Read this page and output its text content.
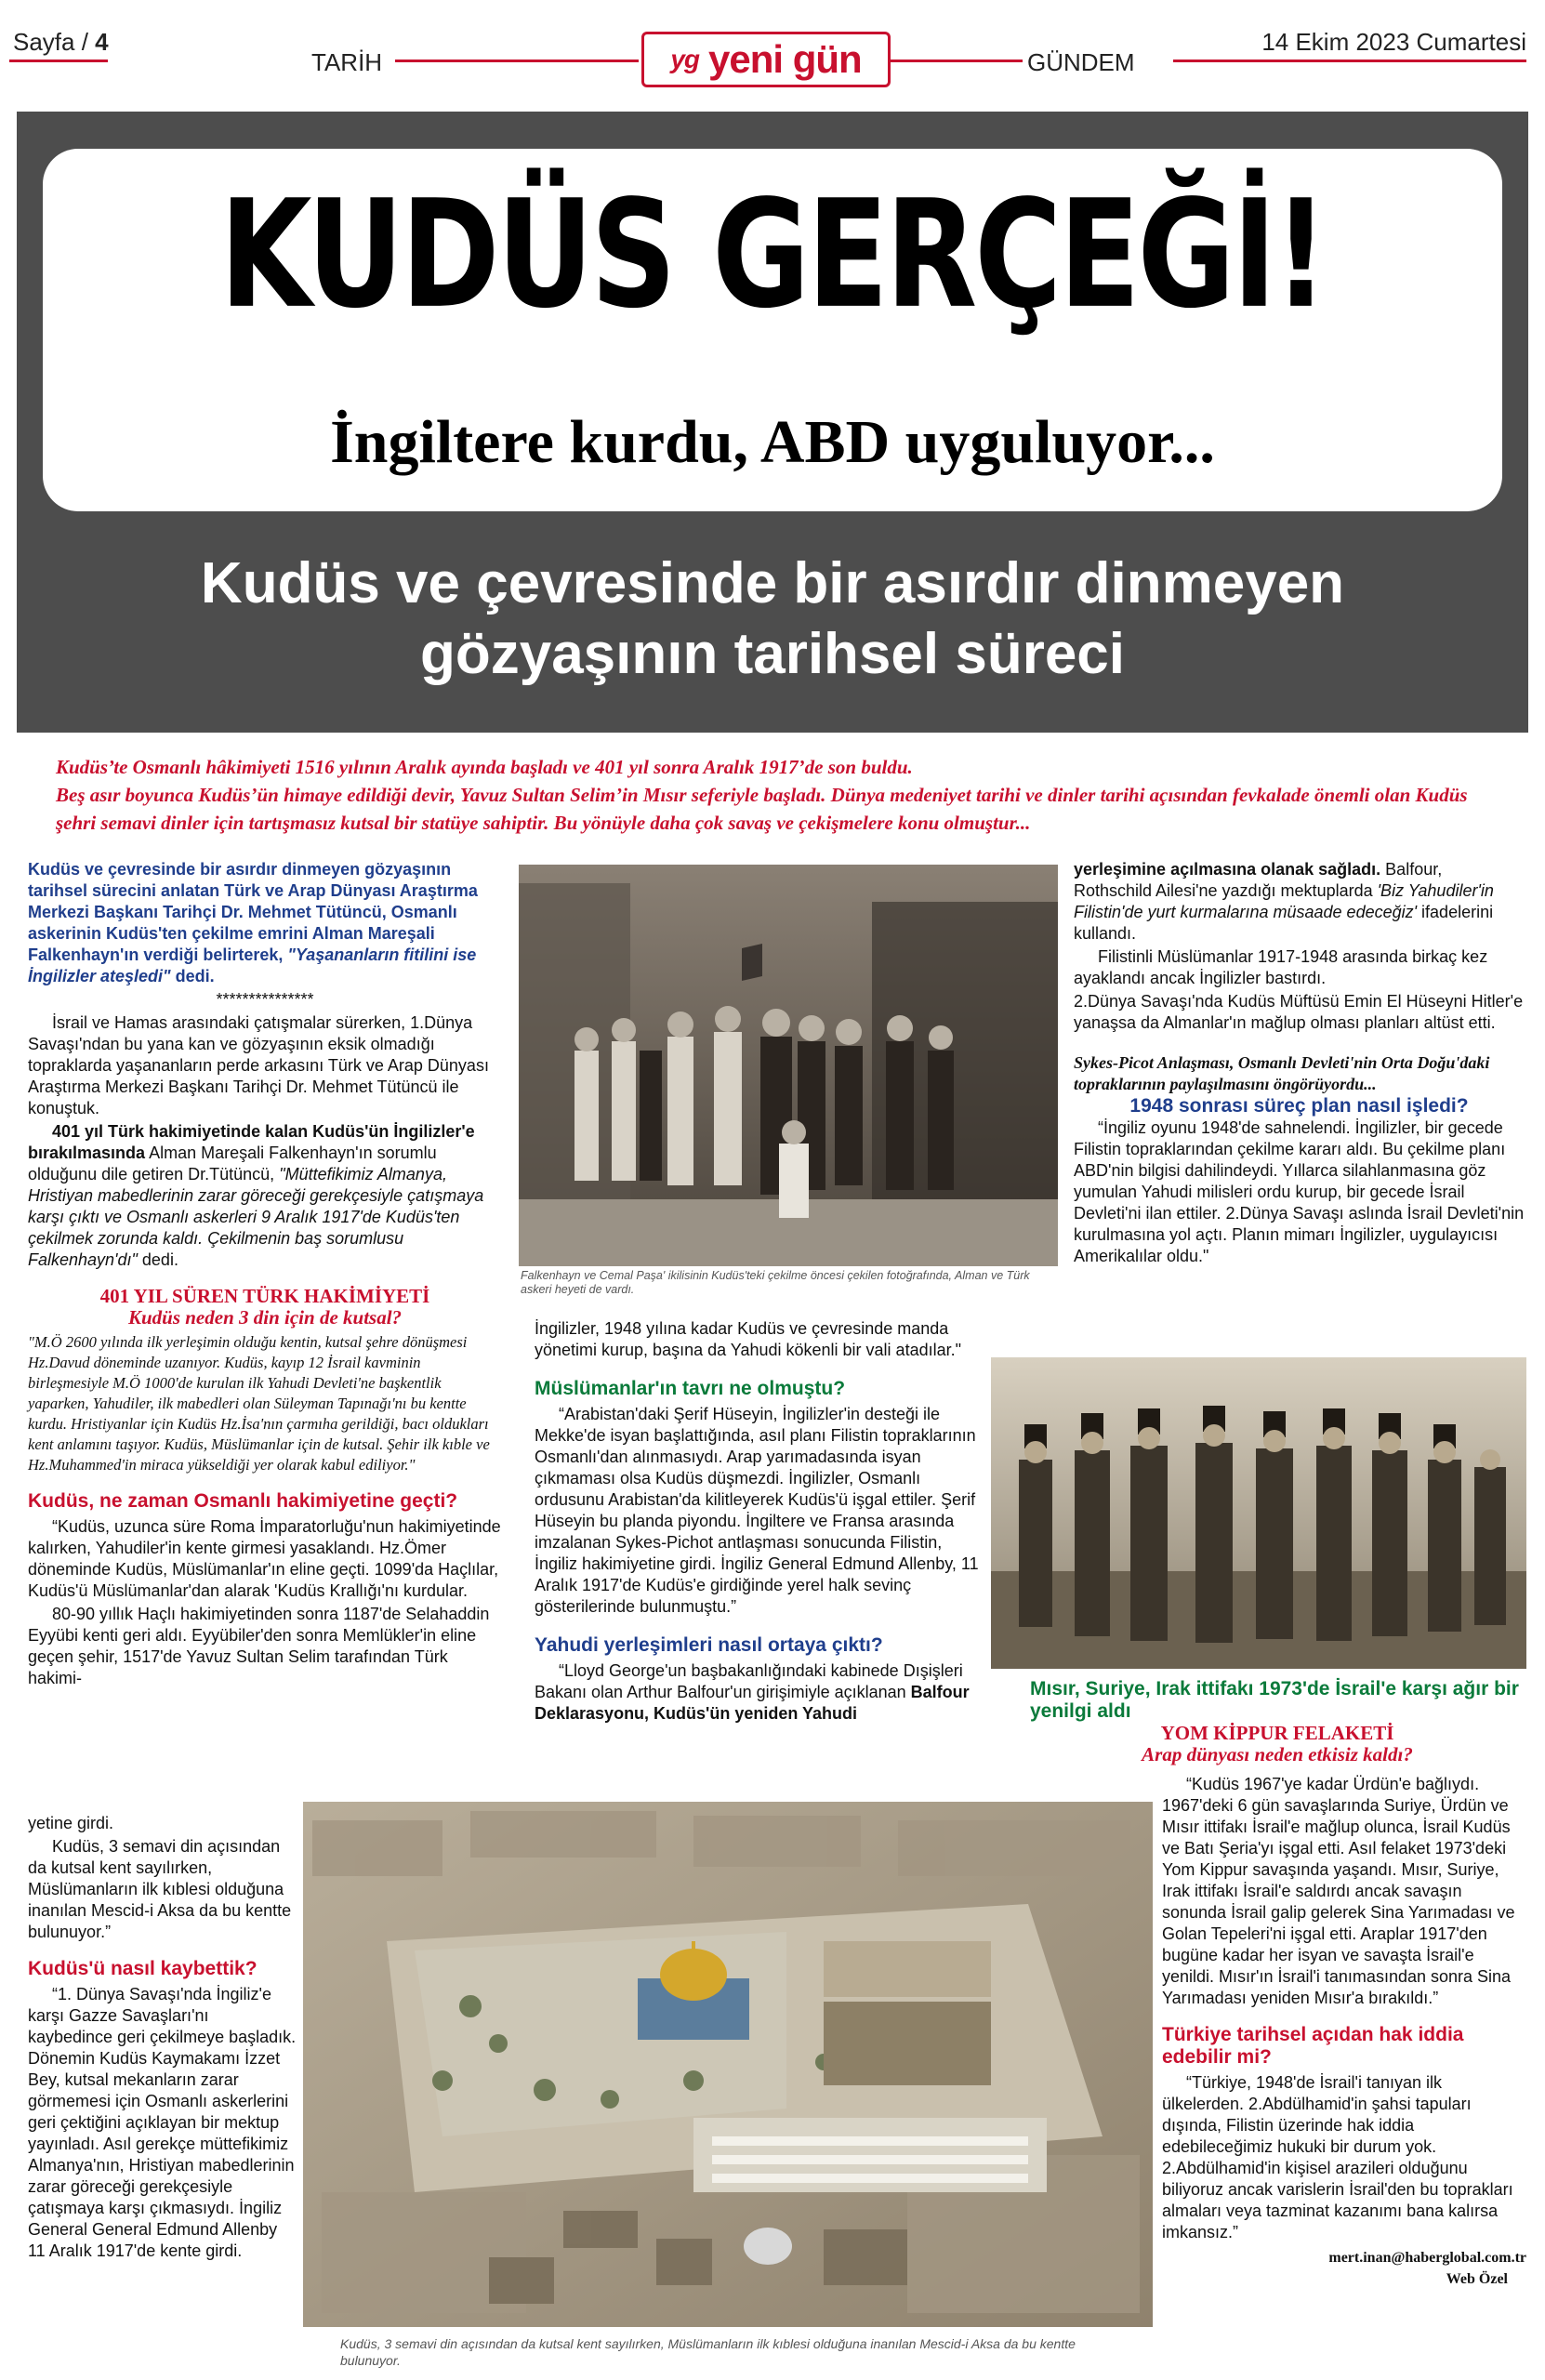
Sayfa / 4
TARİH	yg yeni gün	GÜNDEM
14 Ekim 2023 Cumartesi
KUDÜS GERÇEĞİ!
İngiltere kurdu, ABD uyguluyor...
Kudüs ve çevresinde bir asırdır dinmeyen
gözyaşının tarihsel süreci
Kudüs’te Osmanlı hâkimiyeti 1516 yılının Aralık ayında başladı ve 401 yıl sonra Aralık 1917’de son buldu.
Beş asır boyunca Kudüs’ün himaye edildiği devir, Yavuz Sultan Selim’in Mısır seferiyle başladı. Dünya medeniyet tarihi ve dinler tarihi açısından fevkalade önemli olan Kudüs şehri semavi dinler için tartışmasız kutsal bir statüye sahiptir. Bu yönüyle daha çok savaş ve çekişmelere konu olmuştur...

Kudüs ve çevresinde bir asırdır dinmeyen gözyaşının tarihsel sürecini anlatan Türk ve Arap Dünyası Araştırma Merkezi Başkanı Tarihçi Dr. Mehmet Tütüncü, Osmanlı askerinin Kudüs'ten çekilme emrini Alman Mareşali Falkenhayn'ın verdiği belirterek, "Yaşananların fitilini ise İngilizler ateşledi" dedi.

***************

İsrail ve Hamas arasındaki çatışmalar sürerken, 1.Dünya Savaşı'ndan bu yana kan ve gözyaşının eksik olmadığı topraklarda yaşananların perde arkasını Türk ve Arap Dünyası Araştırma Merkezi Başkanı Tarihçi Dr. Mehmet Tütüncü ile konuştuk.

401 yıl Türk hakimiyetinde kalan Kudüs'ün İngilizler'e bırakılmasında Alman Mareşali Falkenhayn'ın sorumlu olduğunu dile getiren Dr.Tütüncü, "Müttefikimiz Almanya, Hristiyan mabedlerinin zarar göreceği gerekçesiyle çatışmaya karşı çıktı ve Osmanlı askerleri 9 Aralık 1917'de Kudüs'ten çekilmek zorunda kaldı. Çekilmenin baş sorumlusu Falkenhayn'dı" dedi.

401 YIL SÜREN TÜRK HAKİMİYETİ
Kudüs neden 3 din için de kutsal?
"M.Ö 2600 yılında ilk yerleşimin olduğu kentin, kutsal şehre dönüşmesi Hz.Davud döneminde uzanıyor. Kudüs, kayıp 12 İsrail kavminin birleşmesiyle M.Ö 1000'de kurulan ilk Yahudi Devleti'ne başkentlik yaparken, Yahudiler, ilk mabedleri olan Süleyman Tapınağı'nı bu kentte kurdu. Hristiyanlar için Kudüs Hz.İsa'nın çarmıha gerildiği, bacı oldukları kent anlamını taşıyor. Kudüs, Müslümanlar için de kutsal. Şehir ilk kıble ve Hz.Muhammed'in miraca yükseldiği yer olarak kabul ediliyor."
Kudüs, ne zaman Osmanlı hakimiyetine geçti?

“Kudüs, uzunca süre Roma İmparatorluğu'nun hakimiyetinde kalırken, Yahudiler'in kente girmesi yasaklandı. Hz.Ömer döneminde Kudüs, Müslümanlar'ın eline geçti. 1099'da Haçlılar, Kudüs'ü Müslümanlar'dan alarak 'Kudüs Krallığı'nı kurdular.

80-90 yıllık Haçlı hakimiyetinden sonra 1187'de Selahaddin Eyyübi kenti geri aldı. Eyyübiler'den sonra Memlükler'in eline geçen şehir, 1517'de Yavuz Sultan Selim tarafından Türk hakimi-

yetine girdi.

Kudüs, 3 semavi din açısından da kutsal kent sayılırken, Müslümanların ilk kıblesi olduğuna inanılan Mescid-i Aksa da bu kentte bulunuyor.”

Kudüs'ü nasıl kaybettik?

“1. Dünya Savaşı'nda İngiliz'e karşı Gazze Savaşları'nı kaybedince geri çekilmeye başladık. Dönemin Kudüs Kaymakamı İzzet Bey, kutsal mekanların zarar görmemesi için Osmanlı askerlerini geri çektiğini açıklayan bir mektup yayınladı. Asıl gerekçe müttefikimiz Almanya'nın, Hristiyan mabedlerinin zarar göreceği gerekçesiyle çatışmaya karşı çıkmasıydı. İngiliz General General Edmund Allenby 11 Aralık 1917'de kente girdi.

Falkenhayn ve Cemal Paşa' ikilisinin Kudüs'teki çekilme öncesi çekilen fotoğrafında, Alman ve Türk askeri heyeti de vardı.

İngilizler, 1948 yılına kadar Kudüs ve çevresinde manda yönetimi kurup, başına da Yahudi kökenli bir vali atadılar."

Müslümanlar'ın tavrı ne olmuştu?

“Arabistan'daki Şerif Hüseyin, İngilizler'in desteği ile Mekke'de isyan başlattığında, asıl planı Filistin topraklarının Osmanlı'dan alınmasıydı. Arap yarımadasında isyan çıkmaması olsa Kudüs düşmezdi. İngilizler, Osmanlı ordusunu Arabistan'da kilitleyerek Kudüs'ü işgal ettiler. Şerif Hüseyin bu planda piyondu. İngiltere ve Fransa arasında imzalanan Sykes-Pichot antlaşması sonucunda Filistin, İngiliz hakimiyetine girdi. İngiliz General Edmund Allenby, 11 Aralık 1917'de Kudüs'e girdiğinde yerel halk sevinç gösterilerinde bulunmuştu.”

Yahudi yerleşimleri nasıl ortaya çıktı?

“Lloyd George'un başbakanlığındaki kabinede Dışişleri Bakanı olan Arthur Balfour'un girişimiyle açıklanan Balfour Deklarasyonu, Kudüs'ün yeniden Yahudi

yerleşimine açılmasına olanak sağladı. Balfour, Rothschild Ailesi'ne yazdığı mektuplarda 'Biz Yahudiler'in Filistin'de yurt kurmalarına müsaade edeceğiz' ifadelerini kullandı.

Filistinli Müslümanlar 1917-1948 arasında birkaç kez ayaklandı ancak İngilizler bastırdı.

2.Dünya Savaşı'nda Kudüs Müftüsü Emin El Hüseyni Hitler'e yanaşsa da Almanlar'ın mağlup olması planları altüst etti.

Sykes-Picot Anlaşması, Osmanlı Devleti'nin Orta Doğu'daki topraklarının paylaşılmasını öngörüyordu...
1948 sonrası süreç plan nasıl işledi?

“İngiliz oyunu 1948'de sahnelendi. İngilizler, bir gecede Filistin topraklarından çekilme kararı aldı. Bu çekilme planı ABD'nin bilgisi dahilindeydi. Yıllarca silahlanmasına göz yumulan Yahudi milisleri ordu kurup, bir gecede İsrail Devleti'ni ilan ettiler. 2.Dünya Savaşı aslında İsrail Devleti'nin kurulmasına yol açtı. Planın mimarı İngilizler, uygulayıcısı Amerikalılar oldu."

Mısır, Suriye, Irak ittifakı 1973'de İsrail'e karşı ağır bir yenilgi aldı
YOM KİPPUR FELAKETİ
Arap dünyası neden etkisiz kaldı?

“Kudüs 1967'ye kadar Ürdün'e bağlıydı. 1967'deki 6 gün savaşlarında Suriye, Ürdün ve Mısır ittifakı İsrail'e mağlup olunca, İsrail Kudüs ve Batı Şeria'yı işgal etti. Asıl felaket 1973'deki Yom Kippur savaşında yaşandı. Mısır, Suriye, Irak ittifakı İsrail'e saldırdı ancak savaşın sonunda İsrail galip gelerek Sina Yarımadası ve Golan Tepeleri'ni işgal etti. Araplar 1917'den bugüne kadar her isyan ve savaşta İsrail'e yenildi. Mısır'ın İsrail'i tanımasından sonra Sina Yarımadası yeniden Mısır'a bırakıldı.”

Türkiye tarihsel açıdan hak iddia edebilir mi?

“Türkiye, 1948'de İsrail'i tanıyan ilk ülkelerden. 2.Abdülhamid'in şahsi tapuları dışında, Filistin üzerinde hak iddia edebileceğimiz hukuki bir durum yok. 2.Abdülhamid'in kişisel arazileri olduğunu biliyoruz ancak varislerin İsrail'den bu toprakları almaları veya tazminat kazanımı bana kalırsa imkansız.”

mert.inan@haberglobal.com.tr
Web Özel
Kudüs, 3 semavi din açısından da kutsal kent sayılırken, Müslümanların ilk kıblesi olduğuna inanılan Mescid-i Aksa da bu kentte bulunuyor.
